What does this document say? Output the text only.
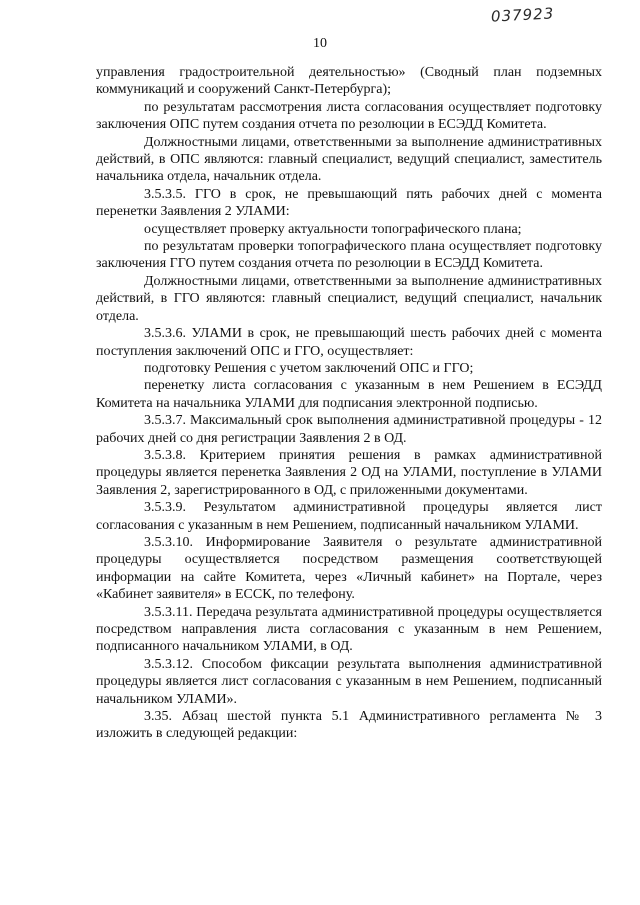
037923
10

управления градостроительной деятельностью» (Сводный план подземных коммуникаций и сооружений Санкт-Петербурга);

по результатам рассмотрения листа согласования осуществляет подготовку заключения ОПС путем создания отчета по резолюции в ЕСЭДД Комитета.

Должностными лицами, ответственными за выполнение административных действий, в ОПС являются: главный специалист, ведущий специалист, заместитель начальника отдела, начальник отдела.

3.5.3.5. ГГО в срок, не превышающий пять рабочих дней с момента перенетки Заявления 2 УЛАМИ:

осуществляет проверку актуальности топографического плана;

по результатам проверки топографического плана осуществляет подготовку заключения ГГО путем создания отчета по резолюции в ЕСЭДД Комитета.

Должностными лицами, ответственными за выполнение административных действий, в ГГО являются: главный специалист, ведущий специалист, начальник отдела.

3.5.3.6. УЛАМИ в срок, не превышающий шесть рабочих дней с момента поступления заключений ОПС и ГГО, осуществляет:

подготовку Решения с учетом заключений ОПС и ГГО;

перенетку листа согласования с указанным в нем Решением в ЕСЭДД Комитета на начальника УЛАМИ для подписания электронной подписью.

3.5.3.7. Максимальный срок выполнения административной процедуры - 12 рабочих дней со дня регистрации Заявления 2 в ОД.

3.5.3.8. Критерием принятия решения в рамках административной процедуры является перенетка Заявления 2 ОД на УЛАМИ, поступление в УЛАМИ Заявления 2, зарегистрированного в ОД, с приложенными документами.

3.5.3.9. Результатом административной процедуры является лист согласования с указанным в нем Решением, подписанный начальником УЛАМИ.

3.5.3.10. Информирование Заявителя о результате административной процедуры осуществляется посредством размещения соответствующей информации на сайте Комитета, через «Личный кабинет» на Портале, через «Кабинет заявителя» в ЕССК, по телефону.

3.5.3.11. Передача результата административной процедуры осуществляется посредством направления листа согласования с указанным в нем Решением, подписанного начальником УЛАМИ, в ОД.

3.5.3.12. Способом фиксации результата выполнения административной процедуры является лист согласования с указанным в нем Решением, подписанный начальником УЛАМИ».

3.35. Абзац шестой пункта 5.1 Административного регламента № 3 изложить в следующей редакции:
